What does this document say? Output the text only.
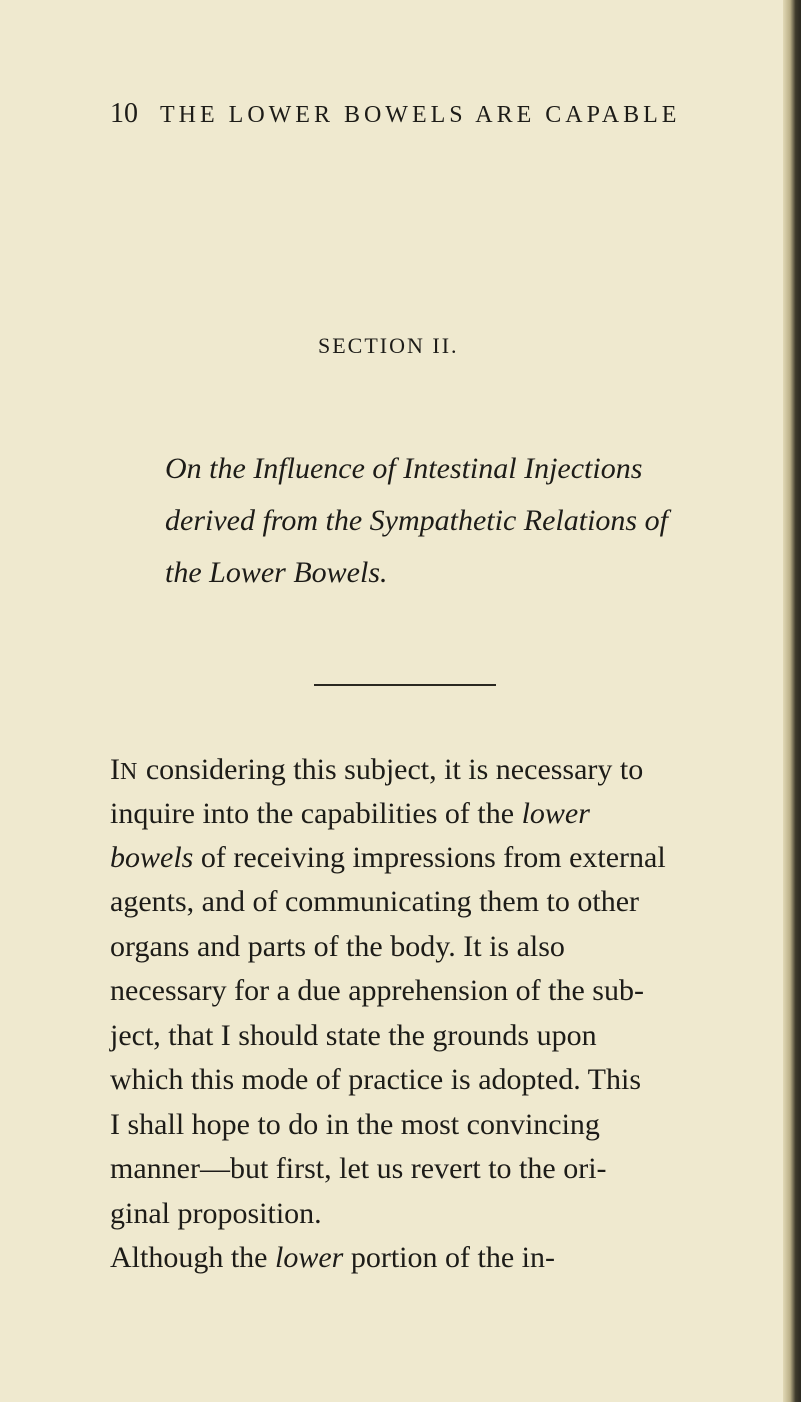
10 THE LOWER BOWELS ARE CAPABLE
SECTION II.
On the Influence of Intestinal Injections
derived from the Sympathetic Relations of
the Lower Bowels.
IN considering this subject, it is necessary to
inquire into the capabilities of the lower
bowels of receiving impressions from external
agents, and of communicating them to other
organs and parts of the body. It is also
necessary for a due apprehension of the sub-
ject, that I should state the grounds upon
which this mode of practice is adopted. This
I shall hope to do in the most convincing
manner—but first, let us revert to the ori-
ginal proposition.
Although the lower portion of the in-
